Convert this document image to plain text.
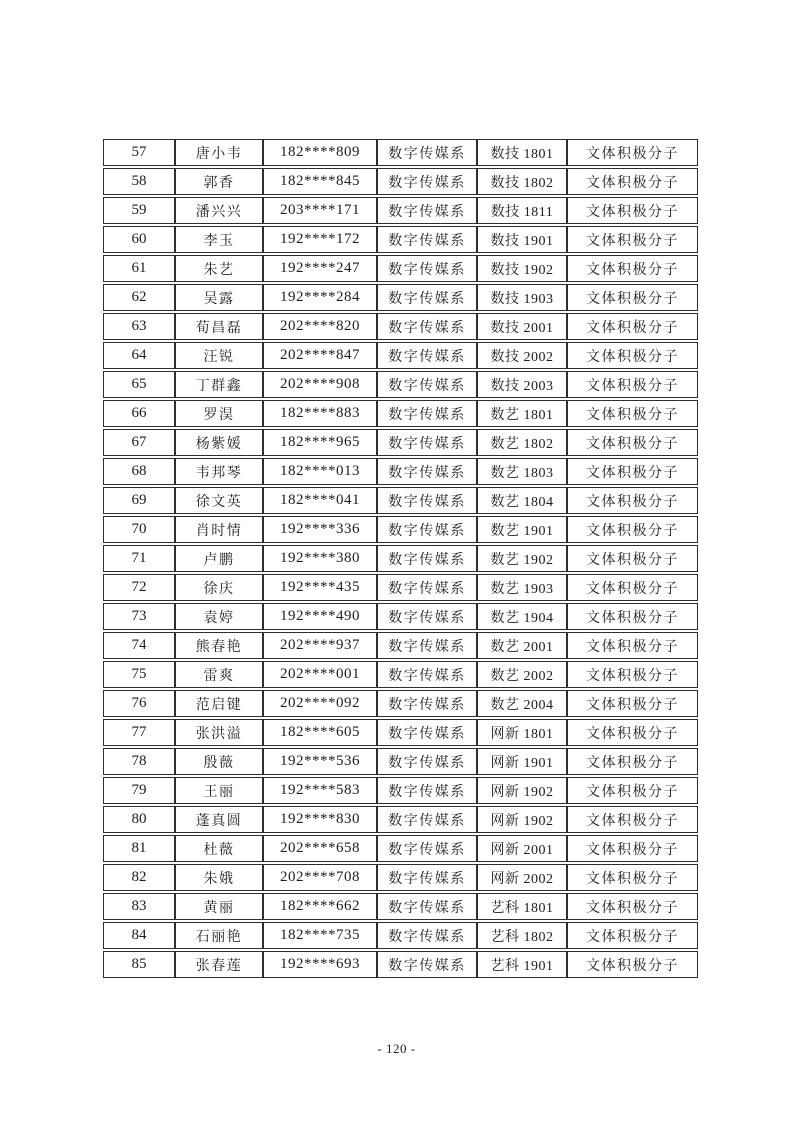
57	唐小韦	182****809	数字传媒系	数技 1801	文体积极分子
58	郭香	182****845	数字传媒系	数技 1802	文体积极分子
59	潘兴兴	203****171	数字传媒系	数技 1811	文体积极分子
60	李玉	192****172	数字传媒系	数技 1901	文体积极分子
61	朱艺	192****247	数字传媒系	数技 1902	文体积极分子
62	吴露	192****284	数字传媒系	数技 1903	文体积极分子
63	荀昌磊	202****820	数字传媒系	数技 2001	文体积极分子
64	汪锐	202****847	数字传媒系	数技 2002	文体积极分子
65	丁群鑫	202****908	数字传媒系	数技 2003	文体积极分子
66	罗淏	182****883	数字传媒系	数艺 1801	文体积极分子
67	杨紫媛	182****965	数字传媒系	数艺 1802	文体积极分子
68	韦邦琴	182****013	数字传媒系	数艺 1803	文体积极分子
69	徐文英	182****041	数字传媒系	数艺 1804	文体积极分子
70	肖时情	192****336	数字传媒系	数艺 1901	文体积极分子
71	卢鹏	192****380	数字传媒系	数艺 1902	文体积极分子
72	徐庆	192****435	数字传媒系	数艺 1903	文体积极分子
73	袁婷	192****490	数字传媒系	数艺 1904	文体积极分子
74	熊春艳	202****937	数字传媒系	数艺 2001	文体积极分子
75	雷爽	202****001	数字传媒系	数艺 2002	文体积极分子
76	范启键	202****092	数字传媒系	数艺 2004	文体积极分子
77	张洪溢	182****605	数字传媒系	网新 1801	文体积极分子
78	殷薇	192****536	数字传媒系	网新 1901	文体积极分子
79	王丽	192****583	数字传媒系	网新 1902	文体积极分子
80	蓬真圆	192****830	数字传媒系	网新 1902	文体积极分子
81	杜薇	202****658	数字传媒系	网新 2001	文体积极分子
82	朱娥	202****708	数字传媒系	网新 2002	文体积极分子
83	黄丽	182****662	数字传媒系	艺科 1801	文体积极分子
84	石丽艳	182****735	数字传媒系	艺科 1802	文体积极分子
85	张春莲	192****693	数字传媒系	艺科 1901	文体积极分子
- 120 -
